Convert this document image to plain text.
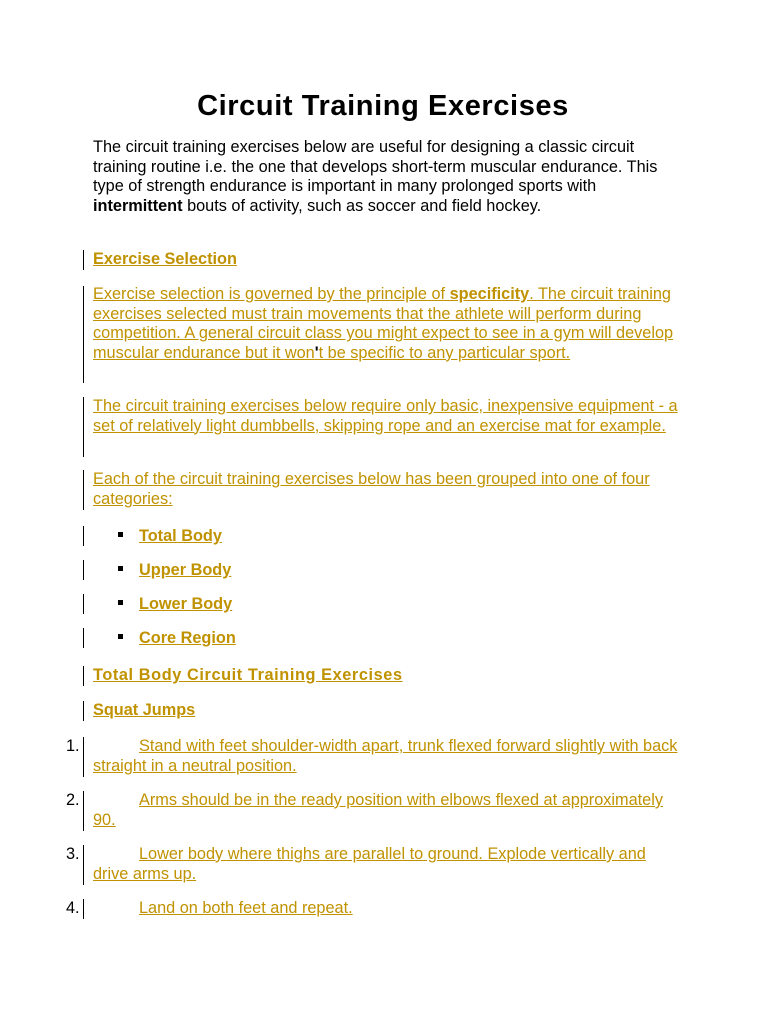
Circuit Training Exercises
The circuit training exercises below are useful for designing a classic circuit training routine i.e. the one that develops short-term muscular endurance. This type of strength endurance is important in many prolonged sports with intermittent bouts of activity, such as soccer and field hockey.
Exercise Selection
Exercise selection is governed by the principle of specificity. The circuit training exercises selected must train movements that the athlete will perform during competition. A general circuit class you might expect to see in a gym will develop muscular endurance but it won't be specific to any particular sport.
The circuit training exercises below require only basic, inexpensive equipment - a set of relatively light dumbbells, skipping rope and an exercise mat for example.
Each of the circuit training exercises below has been grouped into one of four categories:
Total Body
Upper Body
Lower Body
Core Region
Total Body Circuit Training Exercises
Squat Jumps
1.	Stand with feet shoulder-width apart, trunk flexed forward slightly with back straight in a neutral position.
2.	Arms should be in the ready position with elbows flexed at approximately 90.
3.	Lower body where thighs are parallel to ground. Explode vertically and drive arms up.
4.	Land on both feet and repeat.
